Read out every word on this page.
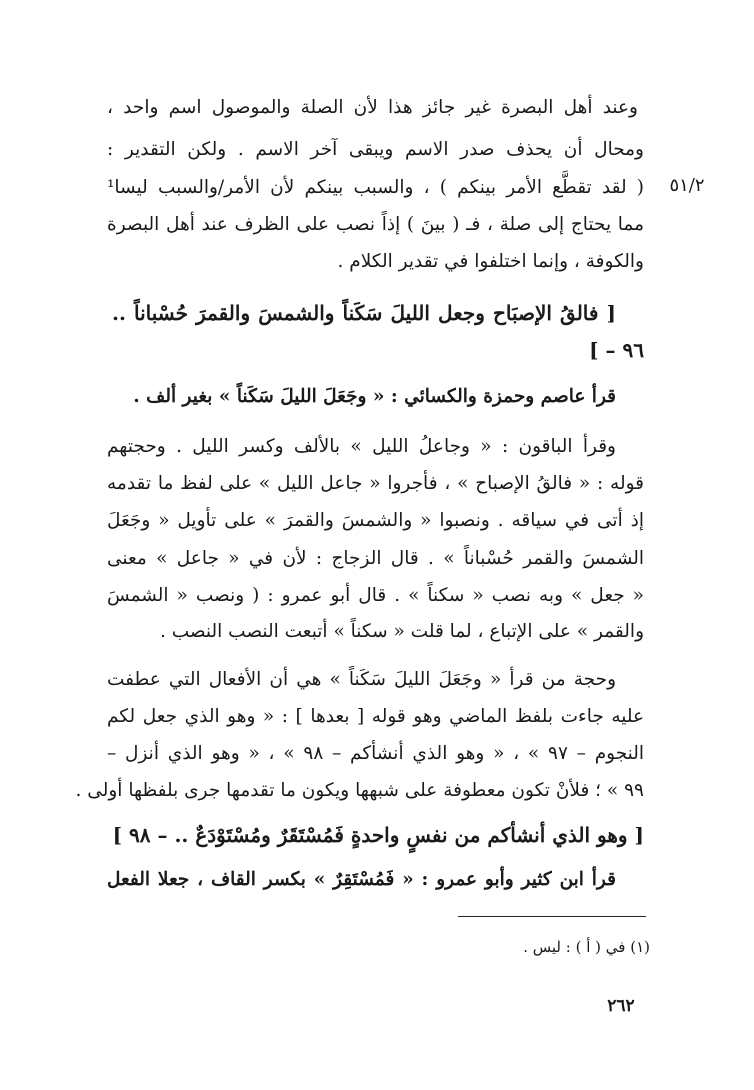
٥١/٢
وعند أهل البصرة غير جائز هذا لأن الصلة والموصول اسم واحد ،
ومحال أن يحذف صدر الاسم ويبقى آخر الاسم . ولكن التقدير :
( لقد تقطَّع الأمر بينكم ) ، والسبب بينكم لأن الأمر/والسبب ليسا¹
مما يحتاج إلى صلة ، فـ ( بينَ ) إذاً نصب على الظرف عند أهل البصرة
والكوفة ، وإنما اختلفوا في تقدير الكلام .
[ فالقُ الإصبَاح وجعل الليلَ سَكَناً والشمسَ والقمرَ حُسْباناً ..
٩٦ – ]
قرأ عاصم وحمزة والكسائي : « وجَعَلَ الليلَ سَكَناً » بغير ألف .
وقرأ الباقون : « وجاعلُ الليل » بالألف وكسر الليل . وحجتهم
قوله : « فالقُ الإصباح » ، فأجروا « جاعل الليل » على لفظ ما تقدمه
إذ أتى في سياقه . ونصبوا « والشمسَ والقمرَ » على تأويل « وجَعَلَ
الشمسَ والقمر حُسْباناً » . قال الزجاج : لأن في « جاعل » معنى
« جعل » وبه نصب « سكناً » . قال أبو عمرو : ( ونصب « الشمسَ
والقمر » على الإتباع ، لما قلت « سكناً » أتبعت النصب النصب .
وحجة من قرأ « وجَعَلَ الليلَ سَكَناً » هي أن الأفعال التي عطفت
عليه جاءت بلفظ الماضي وهو قوله [ بعدها ] : « وهو الذي جعل لكم
النجوم – ٩٧ » ، « وهو الذي أنشأكم – ٩٨ » ، « وهو الذي أنزل –
٩٩ » ؛ فلأنْ تكون معطوفة على شبهها ويكون ما تقدمها جرى بلفظها أولى .
[ وهو الذي أنشأكم من نفسٍ واحدةٍ فَمُسْتَقَرٌ ومُسْتَوْدَعٌ .. – ٩٨ ]
قرأ ابن كثير وأبو عمرو : « فَمُسْتَقِرٌ » بكسر القاف ، جعلا الفعل
(١) في ( أ ) : ليس .
٢٦٢
